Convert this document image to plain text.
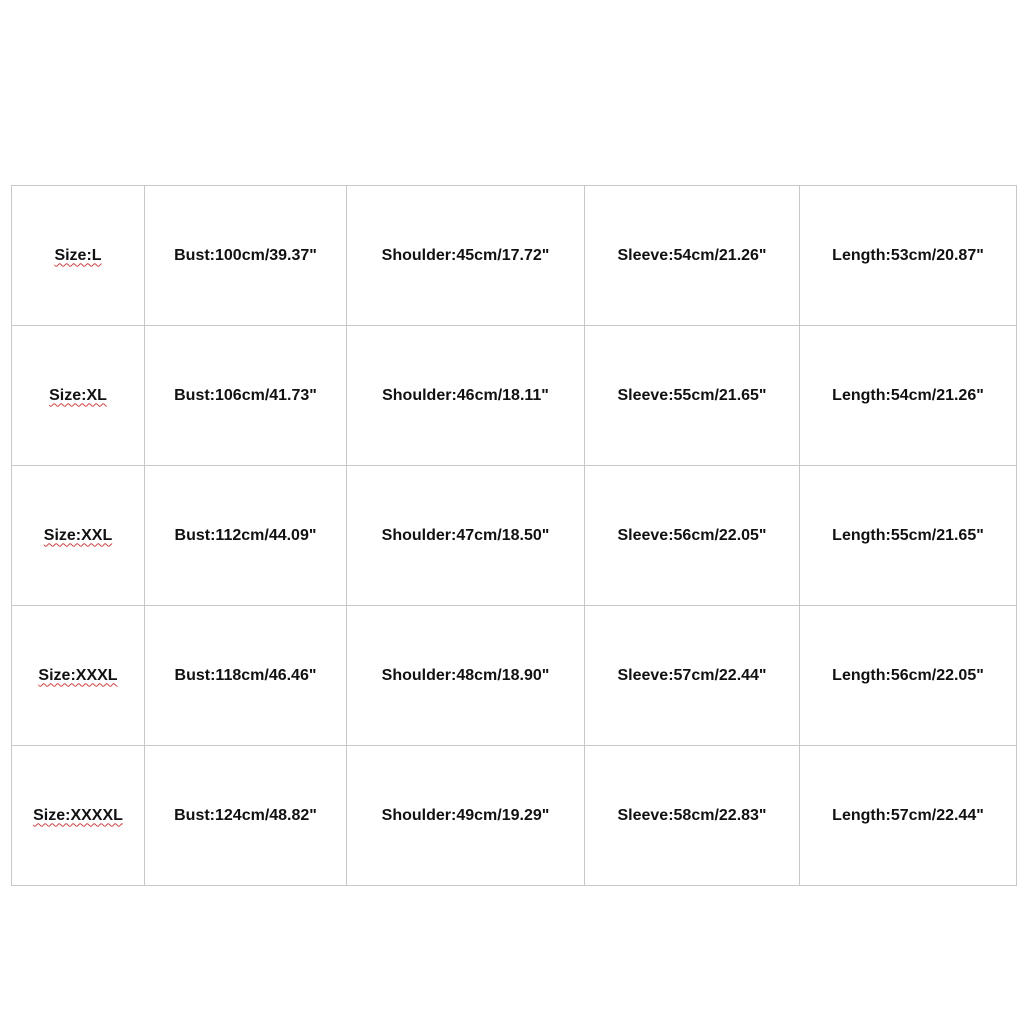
Size:L	Bust:100cm/39.37"	Shoulder:45cm/17.72"	Sleeve:54cm/21.26"	Length:53cm/20.87"
Size:XL	Bust:106cm/41.73"	Shoulder:46cm/18.11"	Sleeve:55cm/21.65"	Length:54cm/21.26"
Size:XXL	Bust:112cm/44.09"	Shoulder:47cm/18.50"	Sleeve:56cm/22.05"	Length:55cm/21.65"
Size:XXXL	Bust:118cm/46.46"	Shoulder:48cm/18.90"	Sleeve:57cm/22.44"	Length:56cm/22.05"
Size:XXXXL	Bust:124cm/48.82"	Shoulder:49cm/19.29"	Sleeve:58cm/22.83"	Length:57cm/22.44"
